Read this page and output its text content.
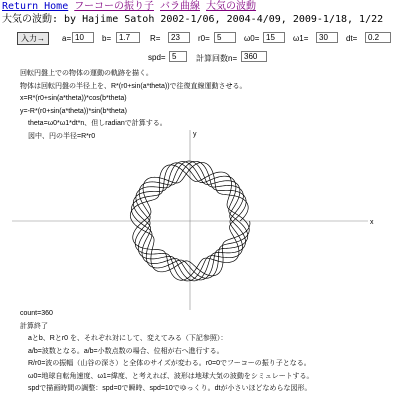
Return Home フーコーの振り子 バラ曲線 大気の波動
大気の波動: by Hajime Satoh 2002-1/06, 2004-4/09, 2009-1/18, 1/22
入力→	a=
10	b=
1.7	R=
23	r0=
5	ω0=
15	ω1=
30	dt=
0.2
spd=
5	計算回数n=
360
回転円盤上での物体の運動の軌跡を描く。
物体は回転円盤の半径上を、R*(r0+sin(a*theta))で往復直線運動させる。
x=R*(r0+sin(a*theta))*cos(b*theta)
y=-R*(r0+sin(a*theta))*sin(b*theta)
theta=ω0*ω1*dt*n、但しradianで計算する。
図中、円の半径=R*r0
x
y
count=360
計算終了
aとb、Rとr0 を、それぞれ対にして、変えてみる（下記参照）：
a/b=波数となる。a/b=小数点数の場合、位相が右へ進行する。
R/r0=波の振幅（山谷の深さ）と全体のサイズが変わる。r0=0でフーコーの振り子となる。
ω0=地球自転角速度、ω1=緯度、と考えれば、波形は地球大気の波動をシミュレートする。
spdで描画時間の調整：spd=0で瞬時、spd=10でゆっくり。dtが小さいほどなめらな図形。
